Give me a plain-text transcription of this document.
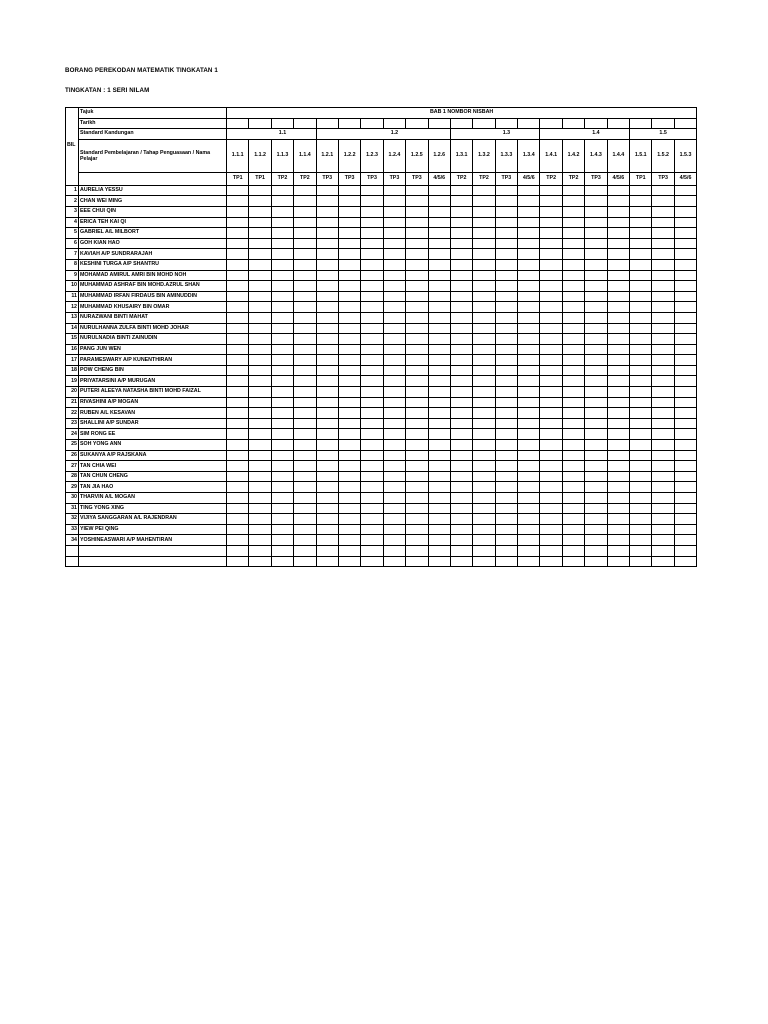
BORANG PEREKODAN MATEMATIK TINGKATAN 1
TINGKATAN : 1 SERI NILAM
	Tajuk	BAB 1 NOMBOR NISBAH																				
	Tarikh																					
	Standard Kandungan			1.1					1.2					1.3				1.4			1.5	
BIL	Standard Pembelajaran / Tahap Penguasaan / Nama Pelajar	1.1.1	1.1.2	1.1.3	1.1.4	1.2.1	1.2.2	1.2.3	1.2.4	1.2.5	1.2.6	1.3.1	1.3.2	1.3.3	1.3.4	1.4.1	1.4.2	1.4.3	1.4.4	1.5.1	1.5.2	1.5.3
		TP1	TP1	TP2	TP2	TP3	TP3	TP3	TP3	TP3	4/5/6	TP2	TP2	TP3	4/5/6	TP2	TP2	TP3	4/5/6	TP1	TP3	4/5/6
1	AURELIA YESSU																					
2	CHAN WEI MING																					
3	EEE CHUI QIN																					
4	ERICA TEH KAI QI																					
5	GABRIEL A/L MILBORT																					
6	GOH KIAN HAO																					
7	KAVIAH A/P SUNDRARAJAH																					
8	KESHINI TURGA A/P SHANTRU																					
9	MOHAMAD AMIRUL AMRI BIN MOHD NOH																					
10	MUHAMMAD ASHRAF BIN MOHD.AZRUL SHAN																					
11	MUHAMMAD IRFAN FIRDAUS BIN AMINUDDIN																					
12	MUHAMMAD KHUSAIRY BIN OMAR																					
13	NURAZWANI BINTI MAHAT																					
14	NURULHANNA ZULFA BINTI MOHD JOHAR																					
15	NURULNADIA BINTI ZAINUDIN																					
16	PANG JUN WEN																					
17	PARAMESWARY A/P KUNENTHIRAN																					
18	POW CHENG BIN																					
19	PRIYATARSINI A/P MURUGAN																					
20	PUTERI ALEEYA NATASHA BINTI MOHD FAIZAL																					
21	RIVASHINI A/P MOGAN																					
22	RUBEN A/L KESAVAN																					
23	SHALLINI A/P SUNDAR																					
24	SIM RONG EE																					
25	SOH YONG ANN																					
26	SUKANYA A/P RAJSKANA																					
27	TAN CHIA WEI																					
28	TAN CHUN CHENG																					
29	TAN JIA HAO																					
30	THARVIN A/L MOGAN																					
31	TING YONG XING																					
32	VIJIYA SANGGARAN A/L RAJENDRAN																					
33	YIEW PEI QING																					
34	YOSHINEASWARI A/P MAHENTIRAN																					
